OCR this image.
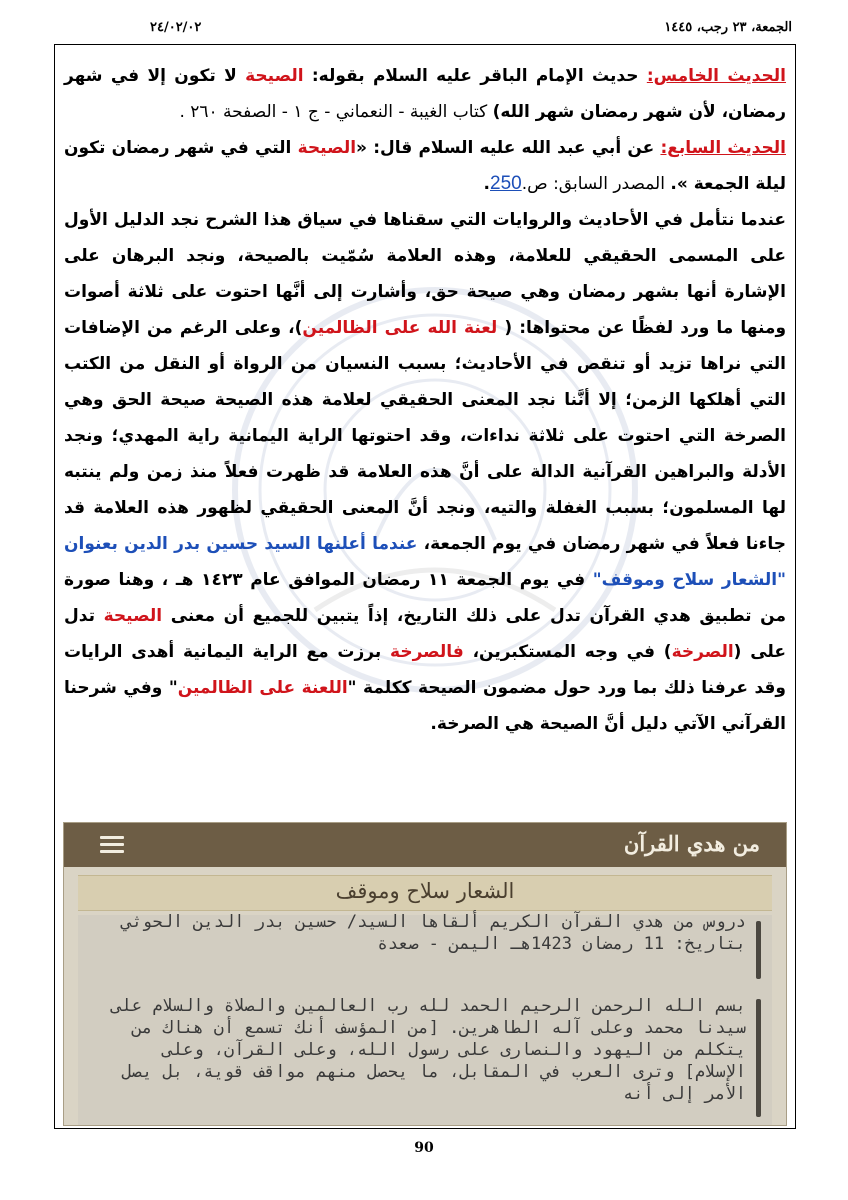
الجمعة، ٢٣ رجب، ١٤٤٥
٢٤/٠٢/٠٢

الحديث الخامس: حديث الإمام الباقر عليه السلام بقوله: الصيحة لا تكون إلا في شهر رمضان، لأن شهر رمضان شهر الله) كتاب الغيبة - النعماني - ج ١ - الصفحة ٢٦٠ .

الحديث السابع: عن أبي عبد الله عليه السلام قال: «الصيحة التي في شهر رمضان تكون ليلة الجمعة ». المصدر السابق: ص.250.

عندما نتأمل في الأحاديث والروايات التي سقناها في سياق هذا الشرح نجد الدليل الأول على المسمى الحقيقي للعلامة، وهذه العلامة سُمّيت بالصيحة، ونجد البرهان على الإشارة أنها بشهر رمضان وهي صيحة حق، وأشارت إلى أنَّها احتوت على ثلاثة أصوات ومنها ما ورد لفظًا عن محتواها: ( لعنة الله على الظالمين)، وعلى الرغم من الإضافات التي نراها تزيد أو تنقص في الأحاديث؛ بسبب النسيان من الرواة أو النقل من الكتب التي أهلكها الزمن؛ إلا أنَّنا نجد المعنى الحقيقي لعلامة هذه الصيحة صيحة الحق وهي الصرخة التي احتوت على ثلاثة نداءات، وقد احتوتها الراية اليمانية راية المهدي؛ ونجد الأدلة والبراهين القرآنية الدالة على أنَّ هذه العلامة قد ظهرت فعلاً منذ زمن ولم ينتبه لها المسلمون؛ بسبب الغفلة والتيه، ونجد أنَّ المعنى الحقيقي لظهور هذه العلامة قد جاءنا فعلاً في شهر رمضان في يوم الجمعة، عندما أعلنها السيد حسين بدر الدين بعنوان "الشعار سلاح وموقف" في يوم الجمعة ١١ رمضان الموافق عام ١٤٢٣ هـ ، وهنا صورة من تطبيق هدي القرآن تدل على ذلك التاريخ، إذاً يتبين للجميع أن معنى الصيحة تدل على (الصرخة) في وجه المستكبرين، فالصرخة برزت مع الراية اليمانية أهدى الرايات وقد عرفنا ذلك بما ورد حول مضمون الصيحة ككلمة "اللعنة على الظالمين" وفي شرحنا القرآني الآتي دليل أنَّ الصيحة هي الصرخة.

من هدي القرآن
الشعار سلاح وموقف
دروس من هدي القرآن الكريم ألقاها السيد/ حسين بدر الدين الحوثي بتاريخ: 11 رمضان 1423هـ اليمن - صعدة
بسم الله الرحمن الرحيم الحمد لله رب العالمين والصلاة والسلام على سيدنا محمد وعلى آله الطاهرين. [من المؤسف أنك تسمع أن هناك من يتكلم من اليهود والنصارى على رسول الله، وعلى القرآن، وعلى الإسلام] وترى العرب في المقابل، ما يحصل منهم مواقف قوية، بل يصل الأمر إلى أنه
90
